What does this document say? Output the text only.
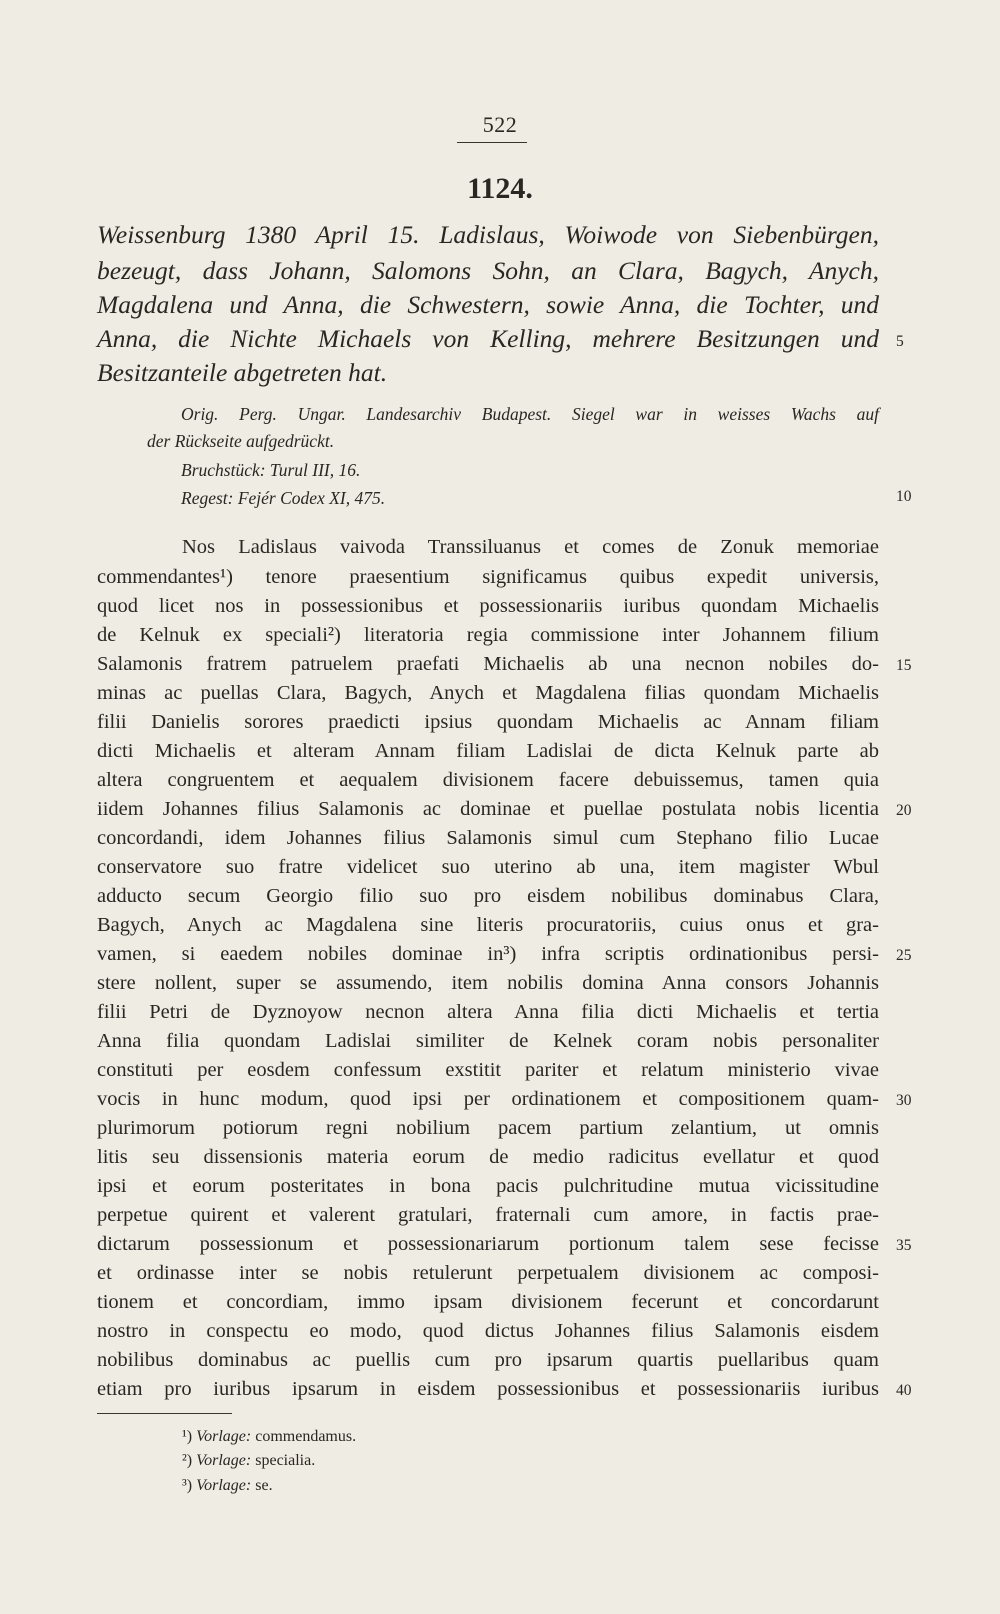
522
1124.
Weissenburg 1380 April 15. Ladislaus, Woiwode von Siebenbürgen,
bezeugt, dass Johann, Salomons Sohn, an Clara, Bagych, Anych,
Magdalena und Anna, die Schwestern, sowie Anna, die Tochter, und
Anna, die Nichte Michaels von Kelling, mehrere Besitzungen und
Besitzanteile abgetreten hat.
Orig. Perg. Ungar. Landesarchiv Budapest. Siegel war in weisses Wachs auf
der Rückseite aufgedrückt.
Bruchstück: Turul III, 16.
Regest: Fejér Codex XI, 475.
Nos Ladislaus vaivoda Transsiluanus et comes de Zonuk memoriae
commendantes¹) tenore praesentium significamus quibus expedit universis,
quod licet nos in possessionibus et possessionariis iuribus quondam Michaelis
de Kelnuk ex speciali²) literatoria regia commissione inter Johannem filium
Salamonis fratrem patruelem praefati Michaelis ab una necnon nobiles do-
minas ac puellas Clara, Bagych, Anych et Magdalena filias quondam Michaelis
filii Danielis sorores praedicti ipsius quondam Michaelis ac Annam filiam
dicti Michaelis et alteram Annam filiam Ladislai de dicta Kelnuk parte ab
altera congruentem et aequalem divisionem facere debuissemus, tamen quia
iidem Johannes filius Salamonis ac dominae et puellae postulata nobis licentia
concordandi, idem Johannes filius Salamonis simul cum Stephano filio Lucae
conservatore suo fratre videlicet suo uterino ab una, item magister Wbul
adducto secum Georgio filio suo pro eisdem nobilibus dominabus Clara,
Bagych, Anych ac Magdalena sine literis procuratoriis, cuius onus et gra-
vamen, si eaedem nobiles dominae in³) infra scriptis ordinationibus persi-
stere nollent, super se assumendo, item nobilis domina Anna consors Johannis
filii Petri de Dyznoyow necnon altera Anna filia dicti Michaelis et tertia
Anna filia quondam Ladislai similiter de Kelnek coram nobis personaliter
constituti per eosdem confessum exstitit pariter et relatum ministerio vivae
vocis in hunc modum, quod ipsi per ordinationem et compositionem quam-
plurimorum potiorum regni nobilium pacem partium zelantium, ut omnis
litis seu dissensionis materia eorum de medio radicitus evellatur et quod
ipsi et eorum posteritates in bona pacis pulchritudine mutua vicissitudine
perpetue quirent et valerent gratulari, fraternali cum amore, in factis prae-
dictarum possessionum et possessionariarum portionum talem sese fecisse
et ordinasse inter se nobis retulerunt perpetualem divisionem ac composi-
tionem et concordiam, immo ipsam divisionem fecerunt et concordarunt
nostro in conspectu eo modo, quod dictus Johannes filius Salamonis eisdem
nobilibus dominabus ac puellis cum pro ipsarum quartis puellaribus quam
etiam pro iuribus ipsarum in eisdem possessionibus et possessionariis iuribus
5
10
15
20
25
30
35
40
¹) Vorlage: commendamus.
²) Vorlage: specialia.
³) Vorlage: se.
